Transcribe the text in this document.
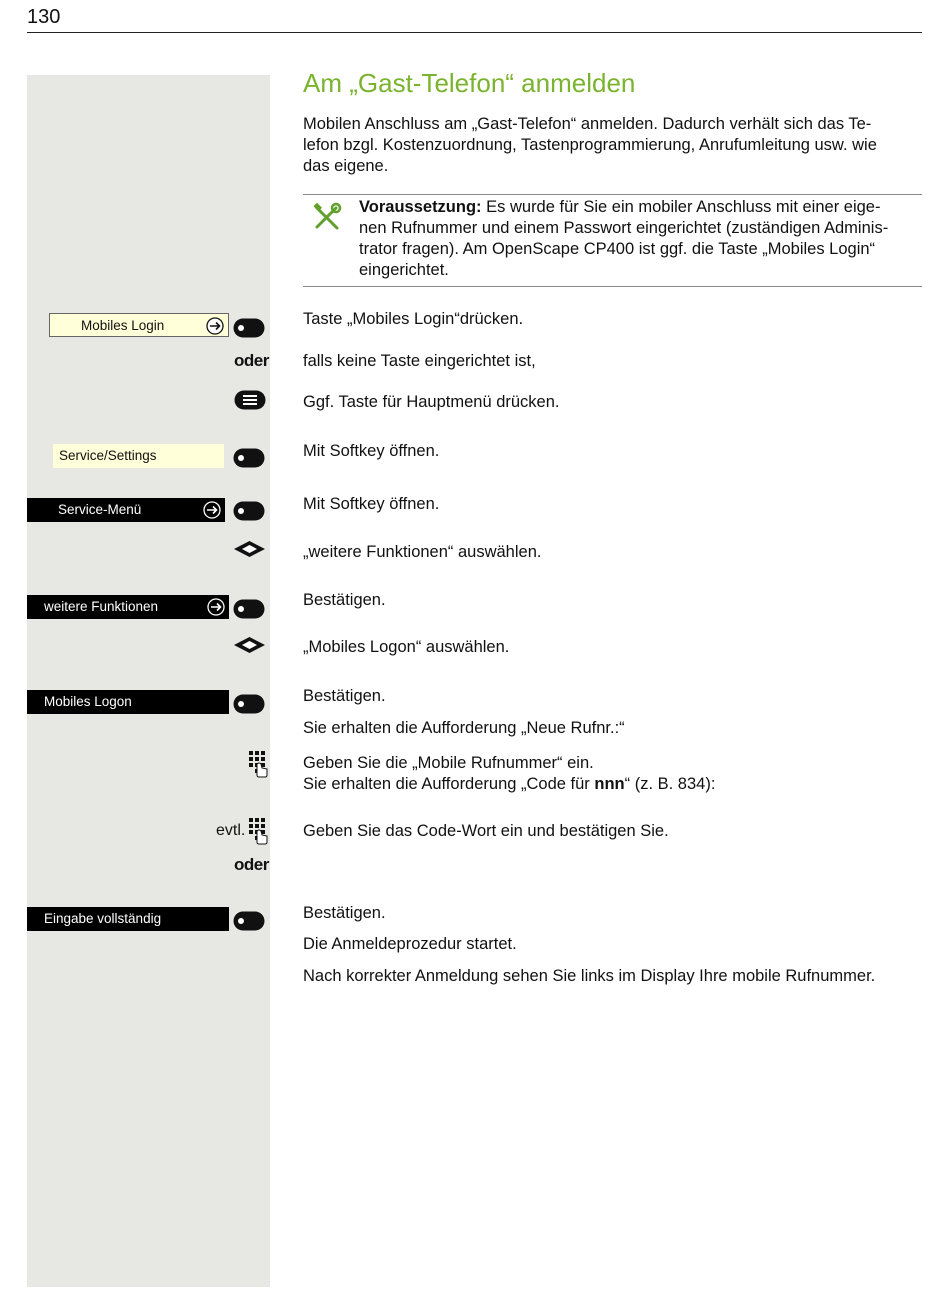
130
Am „Gast-Telefon“ anmelden
Mobilen Anschluss am „Gast-Telefon“ anmelden. Dadurch verhält sich das Te-
lefon bzgl. Kostenzuordnung, Tastenprogrammierung, Anrufumleitung usw. wie
das eigene.
Voraussetzung: Es wurde für Sie ein mobiler Anschluss mit einer eige-
nen Rufnummer und einem Passwort eingerichtet (zuständigen Adminis-
trator fragen). Am OpenScape CP400 ist ggf. die Taste „Mobiles Login“
eingerichtet.
Mobiles Login	Taste „Mobiles Login“drücken.
oder falls keine Taste eingerichtet ist,
Ggf. Taste für Hauptmenü drücken.
Service/Settings	Mit Softkey öffnen.
Service-Menü	Mit Softkey öffnen.
„weitere Funktionen“ auswählen.
weitere Funktionen	Bestätigen.
„Mobiles Logon“ auswählen.
Mobiles Logon	Bestätigen.
Sie erhalten die Aufforderung „Neue Rufnr.:“
Geben Sie die „Mobile Rufnummer“ ein.
Sie erhalten die Aufforderung „Code für nnn“ (z. B. 834):
evtl.	Geben Sie das Code-Wort ein und bestätigen Sie.
oder
Eingabe vollständig	Bestätigen.
Die Anmeldeprozedur startet.
Nach korrekter Anmeldung sehen Sie links im Display Ihre mobile Rufnummer.
